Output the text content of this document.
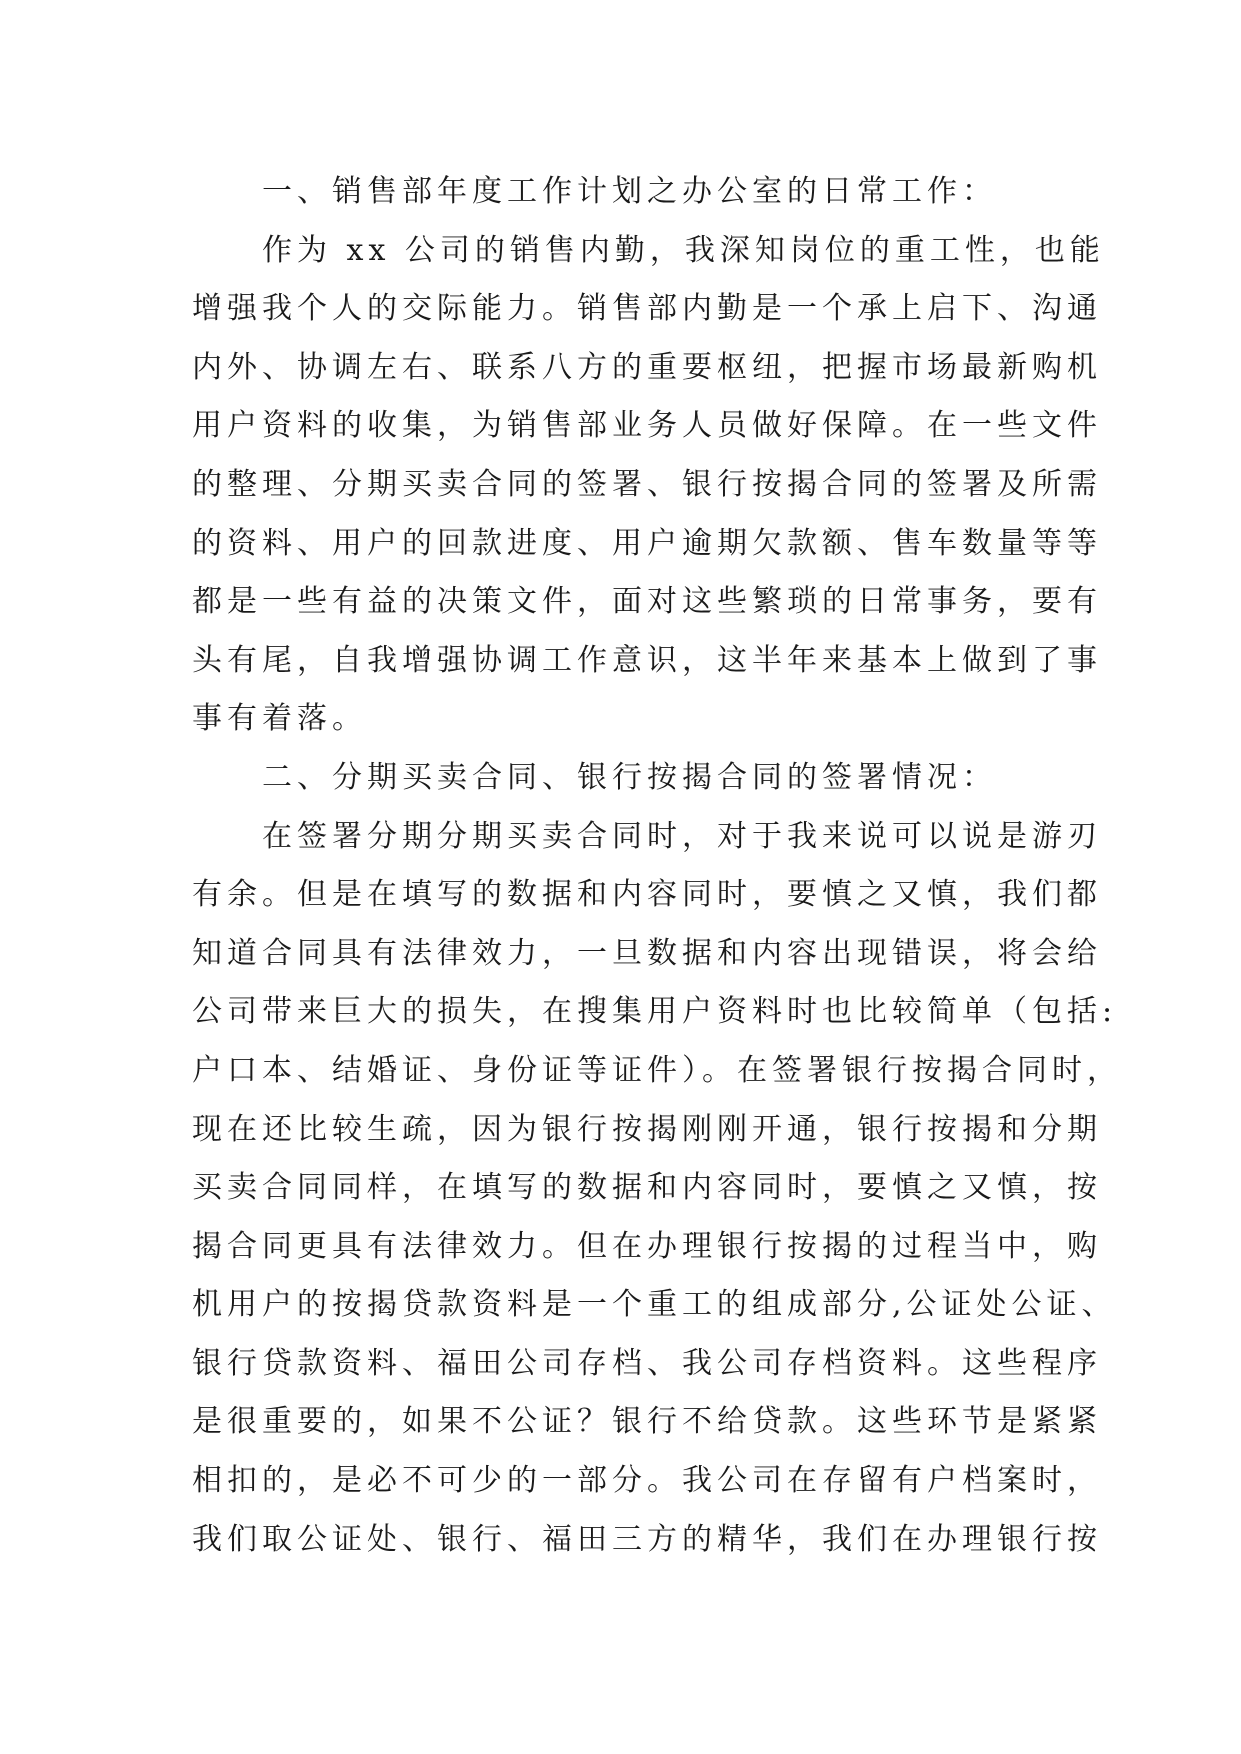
一、销售部年度工作计划之办公室的日常工作：
作为 xx 公司的销售内勤，我深知岗位的重工性，也能
增强我个人的交际能力。销售部内勤是一个承上启下、沟通
内外、协调左右、联系八方的重要枢纽，把握市场最新购机
用户资料的收集，为销售部业务人员做好保障。在一些文件
的整理、分期买卖合同的签署、银行按揭合同的签署及所需
的资料、用户的回款进度、用户逾期欠款额、售车数量等等
都是一些有益的决策文件，面对这些繁琐的日常事务，要有
头有尾，自我增强协调工作意识，这半年来基本上做到了事
事有着落。
二、分期买卖合同、银行按揭合同的签署情况：
在签署分期分期买卖合同时，对于我来说可以说是游刃
有余。但是在填写的数据和内容同时，要慎之又慎，我们都
知道合同具有法律效力，一旦数据和内容出现错误，将会给
公司带来巨大的损失，在搜集用户资料时也比较简单（包括:
户口本、结婚证、身份证等证件）。在签署银行按揭合同时，
现在还比较生疏，因为银行按揭刚刚开通，银行按揭和分期
买卖合同同样，在填写的数据和内容同时，要慎之又慎，按
揭合同更具有法律效力。但在办理银行按揭的过程当中，购
机用户的按揭贷款资料是一个重工的组成部分,公证处公证、
银行贷款资料、福田公司存档、我公司存档资料。这些程序
是很重要的，如果不公证？银行不给贷款。这些环节是紧紧
相扣的，是必不可少的一部分。我公司在存留有户档案时，
我们取公证处、银行、福田三方的精华，我们在办理银行按
